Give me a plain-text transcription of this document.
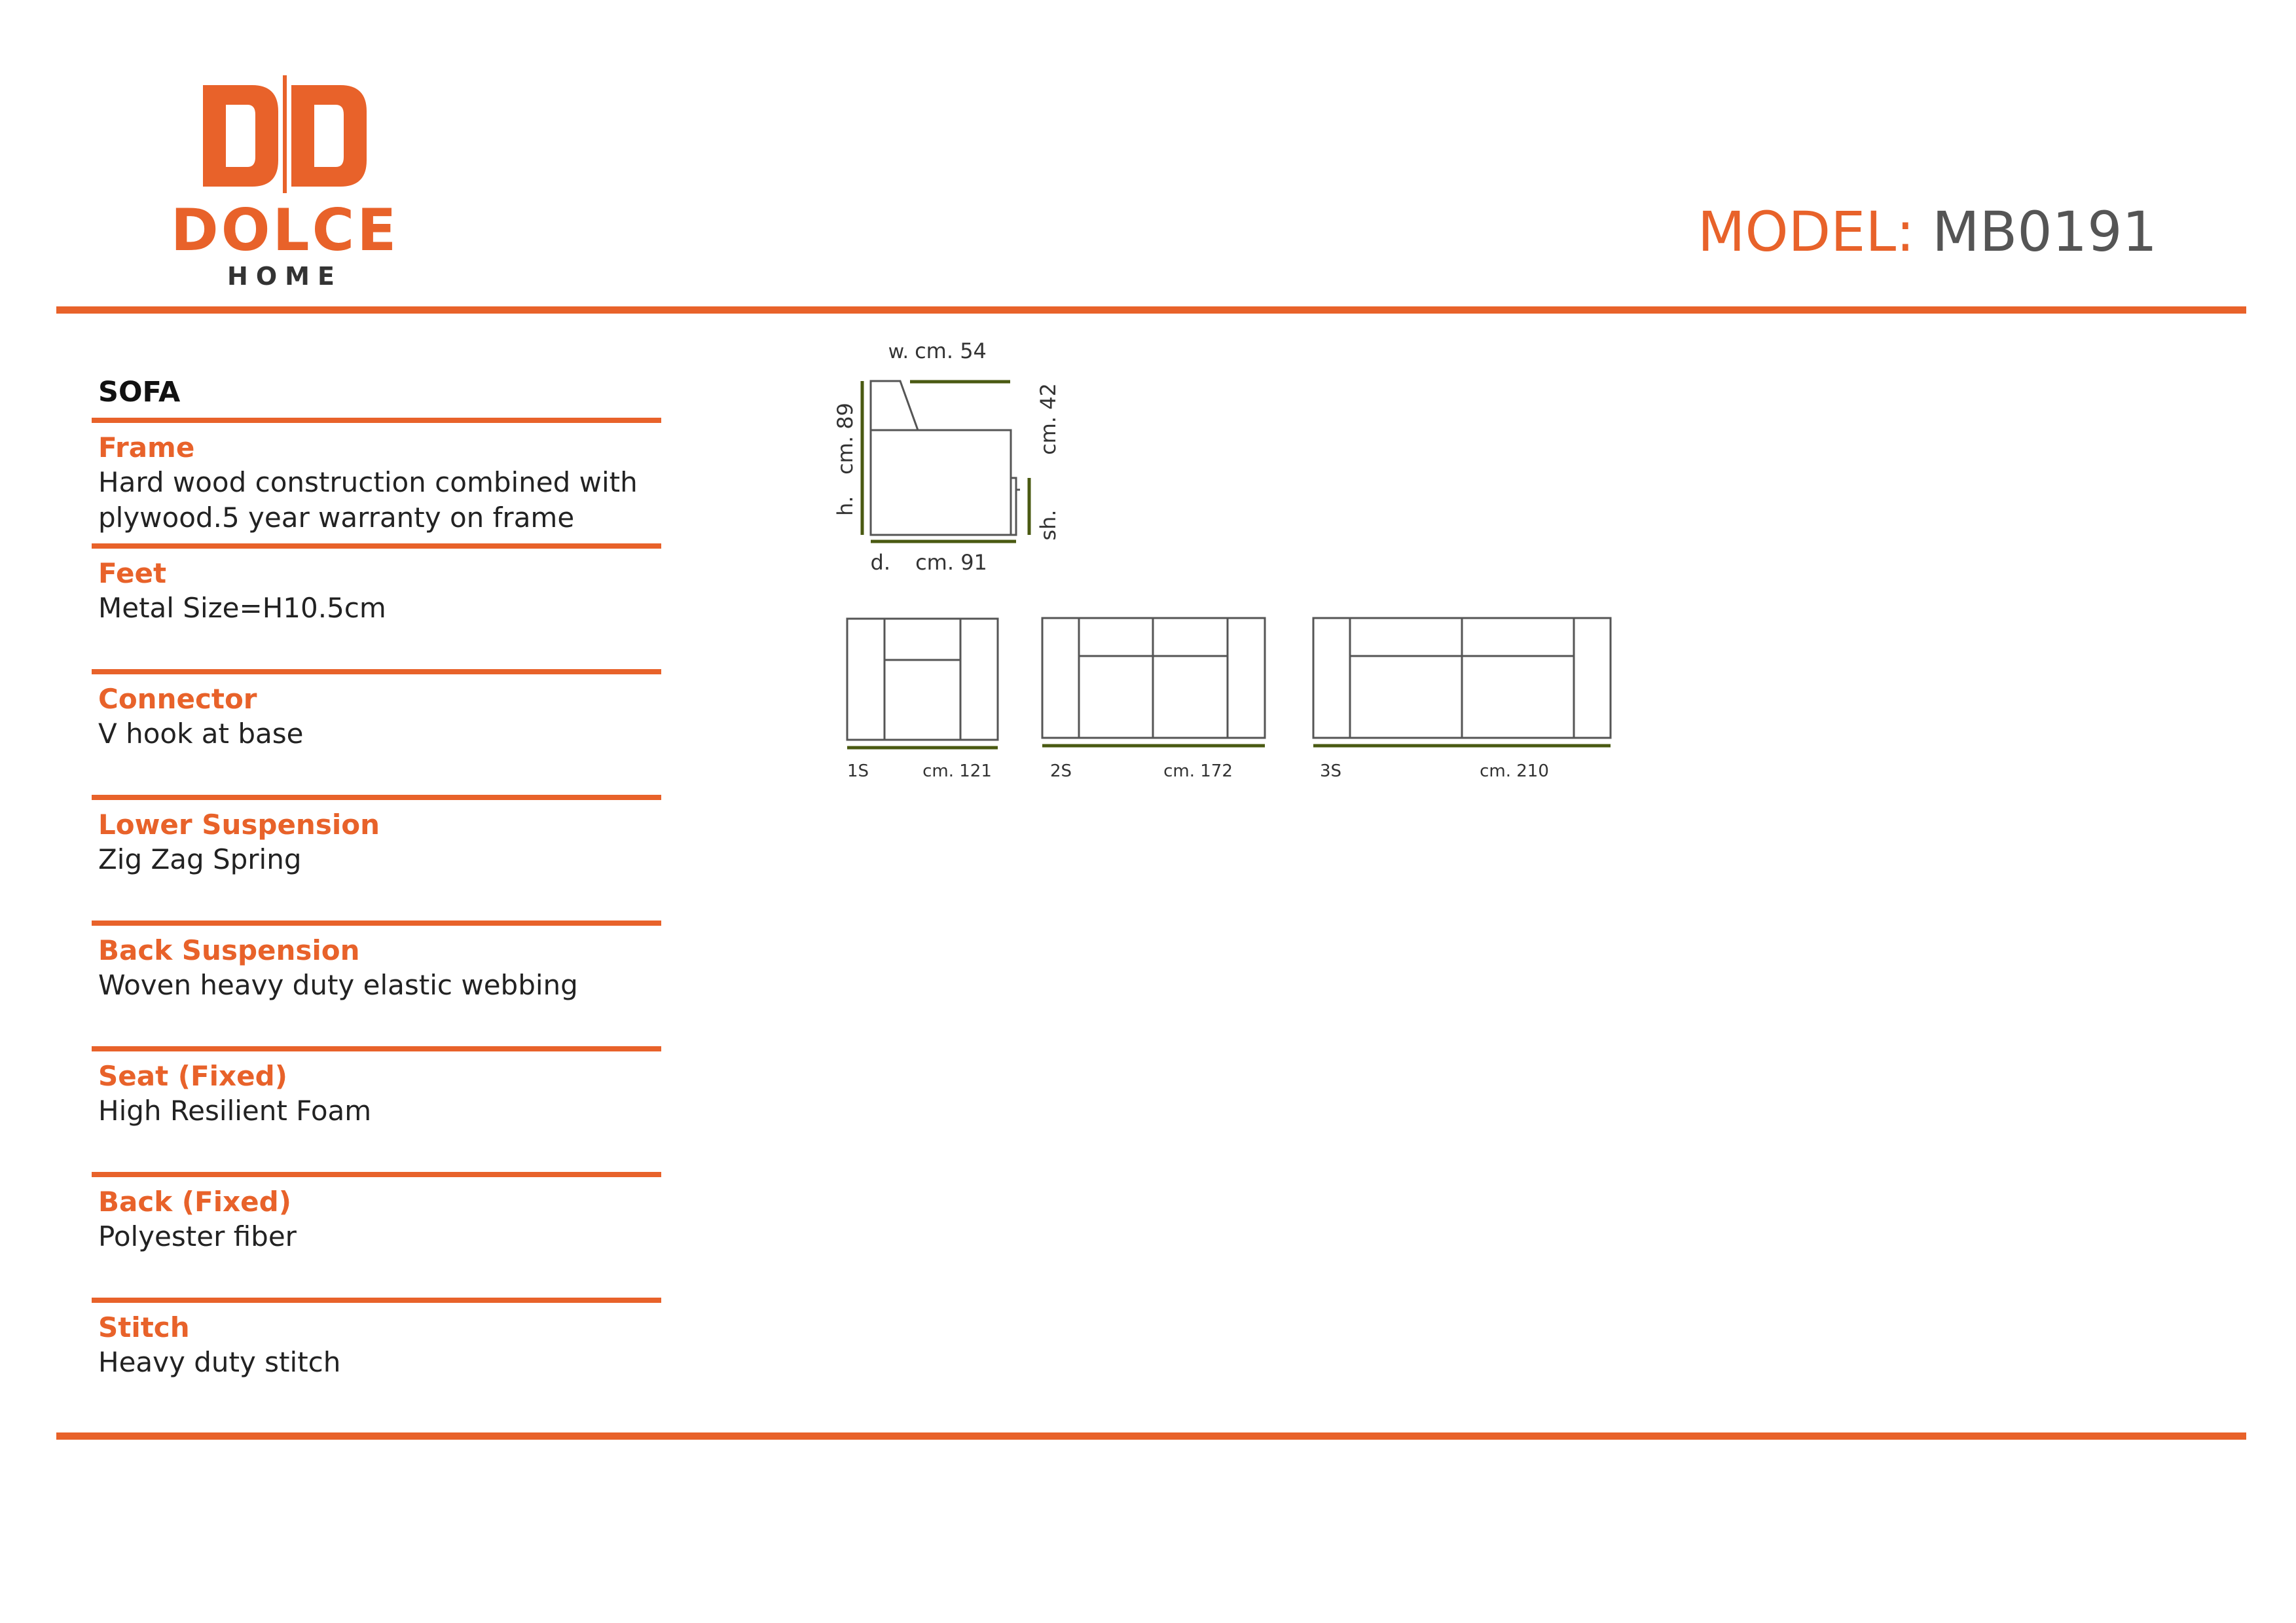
DOLCE
HOME
MODEL: MB0191
SOFA
Frame
Hard wood construction combined with
plywood.5 year warranty on frame
Feet
Metal Size=H10.5cm
Connector
V hook at base
Lower Suspension
Zig Zag Spring
Back Suspension
Woven heavy duty elastic webbing
Seat (Fixed)
High Resilient Foam
Back (Fixed)
Polyester fiber
Stitch
Heavy duty stitch
w. cm. 54
d. cm. 91
h.
cm. 89
sh.
cm. 42
1S	cm. 121	2S	cm. 172	3S	cm. 210
